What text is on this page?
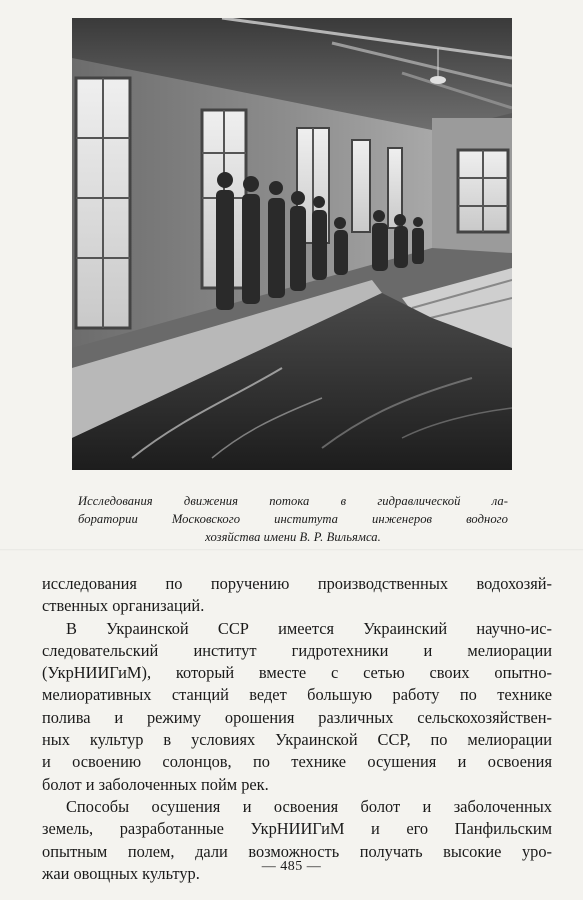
Исследования движения потока в гидравлической ла-
боратории Московского института инженеров водного
хозяйства имени В. Р. Вильямса.
исследования по поручению производственных водохозяй-
ственных организаций.
В Украинской ССР имеется Украинский научно-ис-
следовательский институт гидротехники и мелиорации
(УкрНИИГиМ), который вместе с сетью своих опытно-
мелиоративных станций ведет большую работу по технике
полива и режиму орошения различных сельскохозяйствен-
ных культур в условиях Украинской ССР, по мелиорации
и освоению солонцов, по технике осушения и освоения
болот и заболоченных пойм рек.
Способы осушения и освоения болот и заболоченных
земель, разработанные УкрНИИГиМ и его Панфильским
опытным полем, дали возможность получать высокие уро-
жаи овощных культур.	— 485 —
